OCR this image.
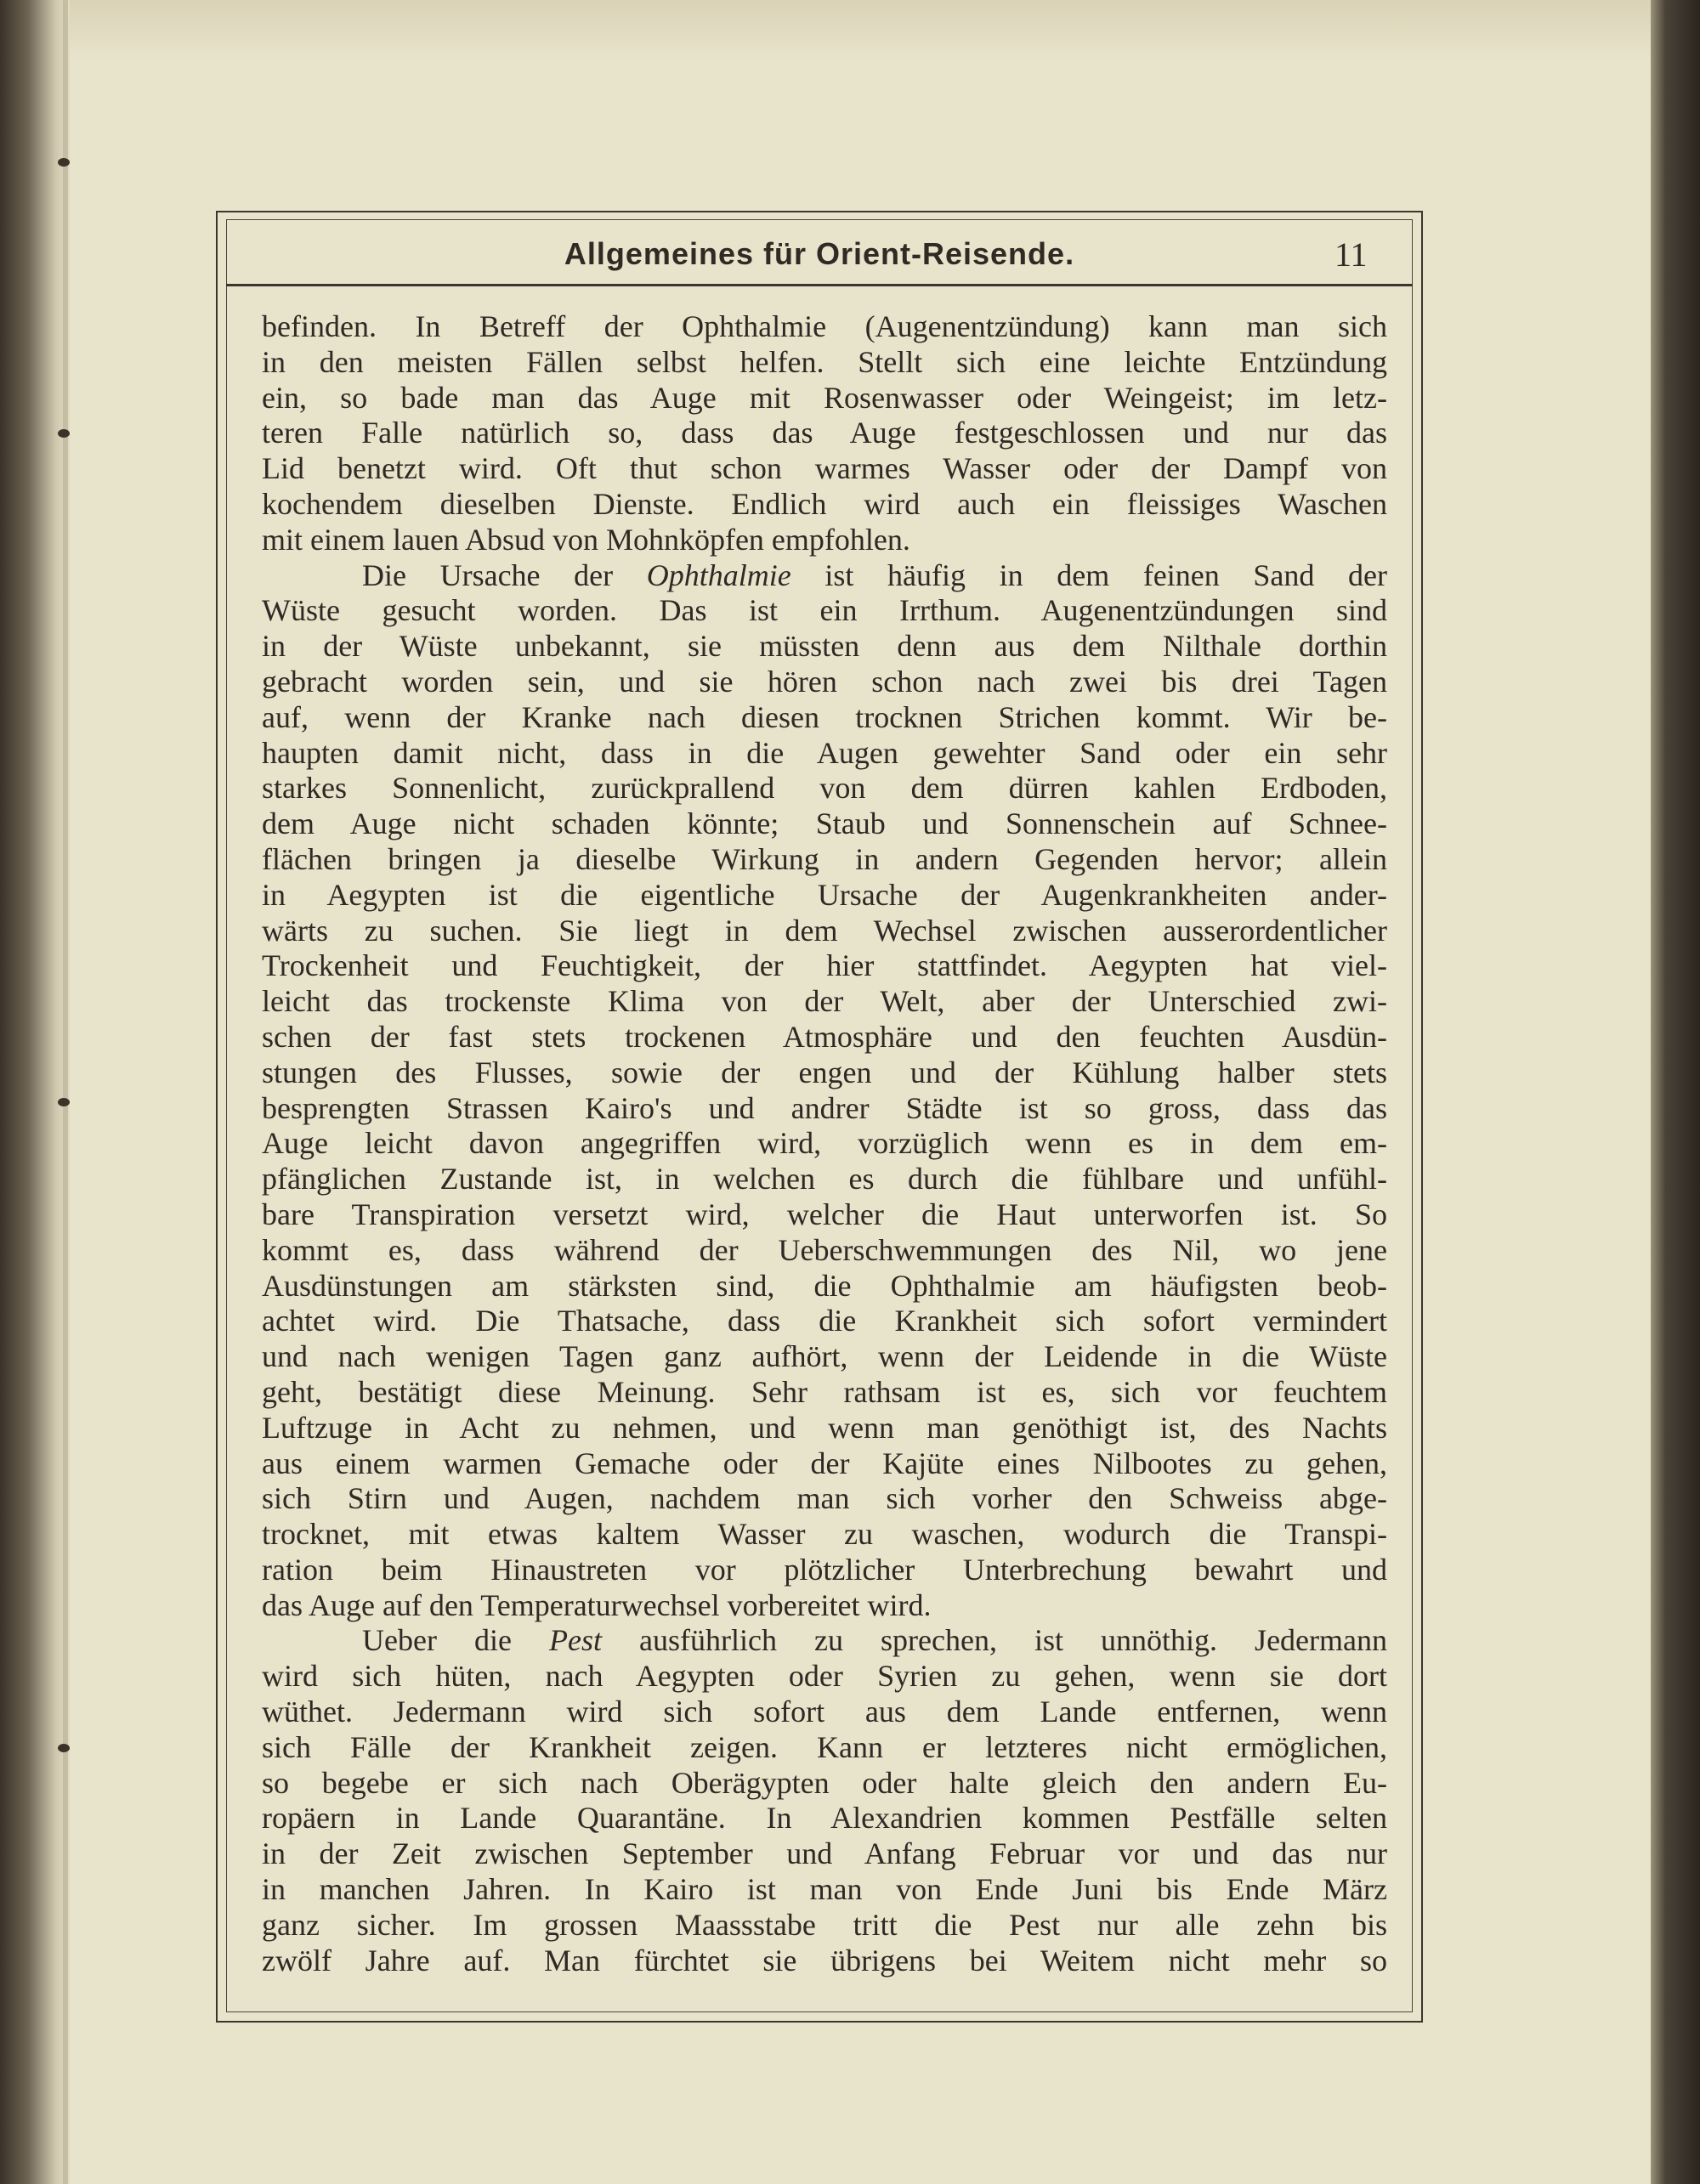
Allgemeines für Orient-Reisende.	11
befinden. In Betreff der Ophthalmie (Augenentzündung) kann man sich
in den meisten Fällen selbst helfen. Stellt sich eine leichte Entzündung
ein, so bade man das Auge mit Rosenwasser oder Weingeist; im letz-
teren Falle natürlich so, dass das Auge festgeschlossen und nur das
Lid benetzt wird. Oft thut schon warmes Wasser oder der Dampf von
kochendem dieselben Dienste. Endlich wird auch ein fleissiges Waschen
mit einem lauen Absud von Mohnköpfen empfohlen.
Die Ursache der Ophthalmie ist häufig in dem feinen Sand der
Wüste gesucht worden. Das ist ein Irrthum. Augenentzündungen sind
in der Wüste unbekannt, sie müssten denn aus dem Nilthale dorthin
gebracht worden sein, und sie hören schon nach zwei bis drei Tagen
auf, wenn der Kranke nach diesen trocknen Strichen kommt. Wir be-
haupten damit nicht, dass in die Augen gewehter Sand oder ein sehr
starkes Sonnenlicht, zurückprallend von dem dürren kahlen Erdboden,
dem Auge nicht schaden könnte; Staub und Sonnenschein auf Schnee-
flächen bringen ja dieselbe Wirkung in andern Gegenden hervor; allein
in Aegypten ist die eigentliche Ursache der Augenkrankheiten ander-
wärts zu suchen. Sie liegt in dem Wechsel zwischen ausserordentlicher
Trockenheit und Feuchtigkeit, der hier stattfindet. Aegypten hat viel-
leicht das trockenste Klima von der Welt, aber der Unterschied zwi-
schen der fast stets trockenen Atmosphäre und den feuchten Ausdün-
stungen des Flusses, sowie der engen und der Kühlung halber stets
besprengten Strassen Kairo's und andrer Städte ist so gross, dass das
Auge leicht davon angegriffen wird, vorzüglich wenn es in dem em-
pfänglichen Zustande ist, in welchen es durch die fühlbare und unfühl-
bare Transpiration versetzt wird, welcher die Haut unterworfen ist. So
kommt es, dass während der Ueberschwemmungen des Nil, wo jene
Ausdünstungen am stärksten sind, die Ophthalmie am häufigsten beob-
achtet wird. Die Thatsache, dass die Krankheit sich sofort vermindert
und nach wenigen Tagen ganz aufhört, wenn der Leidende in die Wüste
geht, bestätigt diese Meinung. Sehr rathsam ist es, sich vor feuchtem
Luftzuge in Acht zu nehmen, und wenn man genöthigt ist, des Nachts
aus einem warmen Gemache oder der Kajüte eines Nilbootes zu gehen,
sich Stirn und Augen, nachdem man sich vorher den Schweiss abge-
trocknet, mit etwas kaltem Wasser zu waschen, wodurch die Transpi-
ration beim Hinaustreten vor plötzlicher Unterbrechung bewahrt und
das Auge auf den Temperaturwechsel vorbereitet wird.
Ueber die Pest ausführlich zu sprechen, ist unnöthig. Jedermann
wird sich hüten, nach Aegypten oder Syrien zu gehen, wenn sie dort
wüthet. Jedermann wird sich sofort aus dem Lande entfernen, wenn
sich Fälle der Krankheit zeigen. Kann er letzteres nicht ermöglichen,
so begebe er sich nach Oberägypten oder halte gleich den andern Eu-
ropäern in Lande Quarantäne. In Alexandrien kommen Pestfälle selten
in der Zeit zwischen September und Anfang Februar vor und das nur
in manchen Jahren. In Kairo ist man von Ende Juni bis Ende März
ganz sicher. Im grossen Maassstabe tritt die Pest nur alle zehn bis
zwölf Jahre auf. Man fürchtet sie übrigens bei Weitem nicht mehr so
